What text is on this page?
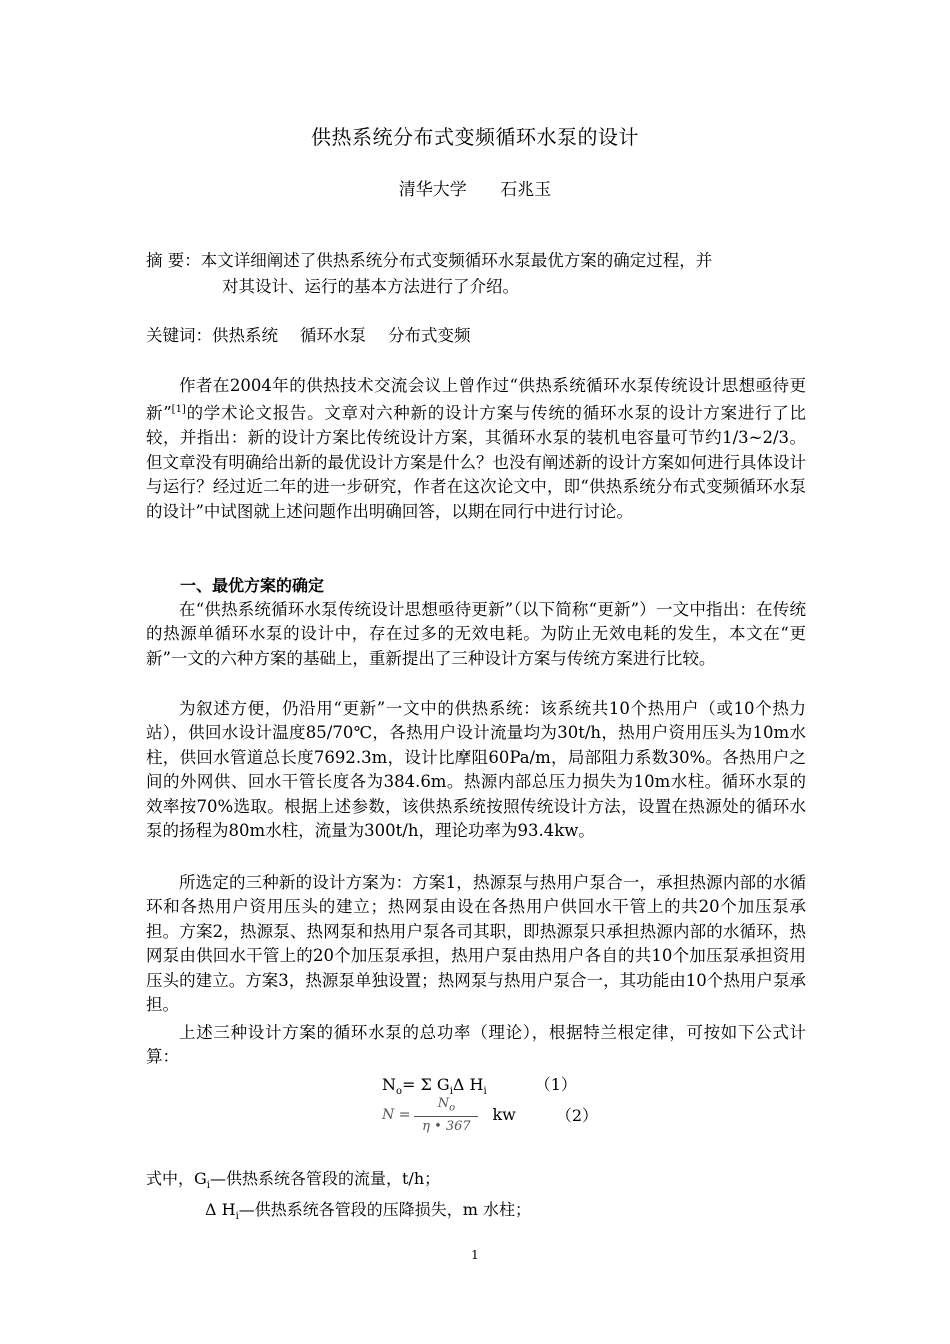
供热系统分布式变频循环水泵的设计
清华大学 石兆玉
摘 要：本文详细阐述了供热系统分布式变频循环水泵最优方案的确定过程，并
对其设计、运行的基本方法进行了介绍。
关键词：供热系统 循环水泵 分布式变频
作者在2004年的供热技术交流会议上曾作过“供热系统循环水泵传统设计思想亟待更新”[1]的学术论文报告。文章对六种新的设计方案与传统的循环水泵的设计方案进行了比较，并指出：新的设计方案比传统设计方案，其循环水泵的装机电容量可节约1/3~2/3。但文章没有明确给出新的最优设计方案是什么？也没有阐述新的设计方案如何进行具体设计与运行？经过近二年的进一步研究，作者在这次论文中，即“供热系统分布式变频循环水泵的设计”中试图就上述问题作出明确回答，以期在同行中进行讨论。
一、最优方案的确定
在“供热系统循环水泵传统设计思想亟待更新”（以下简称“更新”）一文中指出：在传统的热源单循环水泵的设计中，存在过多的无效电耗。为防止无效电耗的发生，本文在“更新”一文的六种方案的基础上，重新提出了三种设计方案与传统方案进行比较。
为叙述方便，仍沿用“更新”一文中的供热系统：该系统共10个热用户（或10个热力站），供回水设计温度85/70℃，各热用户设计流量均为30t/h，热用户资用压头为10m水柱，供回水管道总长度7692.3m，设计比摩阻60Pa/m，局部阻力系数30%。各热用户之间的外网供、回水干管长度各为384.6m。热源内部总压力损失为10m水柱。循环水泵的效率按70%选取。根据上述参数，该供热系统按照传统设计方法，设置在热源处的循环水泵的扬程为80m水柱，流量为300t/h，理论功率为93.4kw。
所选定的三种新的设计方案为：方案1，热源泵与热用户泵合一，承担热源内部的水循环和各热用户资用压头的建立；热网泵由设在各热用户供回水干管上的共20个加压泵承担。方案2，热源泵、热网泵和热用户泵各司其职，即热源泵只承担热源内部的水循环，热网泵由供回水干管上的20个加压泵承担，热用户泵由热用户各自的共10个加压泵承担资用压头的建立。方案3，热源泵单独设置；热网泵与热用户泵合一，其功能由10个热用户泵承担。
上述三种设计方案的循环水泵的总功率（理论），根据特兰根定律，可按如下公式计算：
$N_o= \Sigma$ $G_i\Delta$ $H_i$	（1）
$N = \frac{N_o}{\eta • 367}$ kw	（2）
式中，$G_i—$供热系统各管段的流量，t/h；
Δ $H_i—$供热系统各管段的压降损失，m 水柱；
1
